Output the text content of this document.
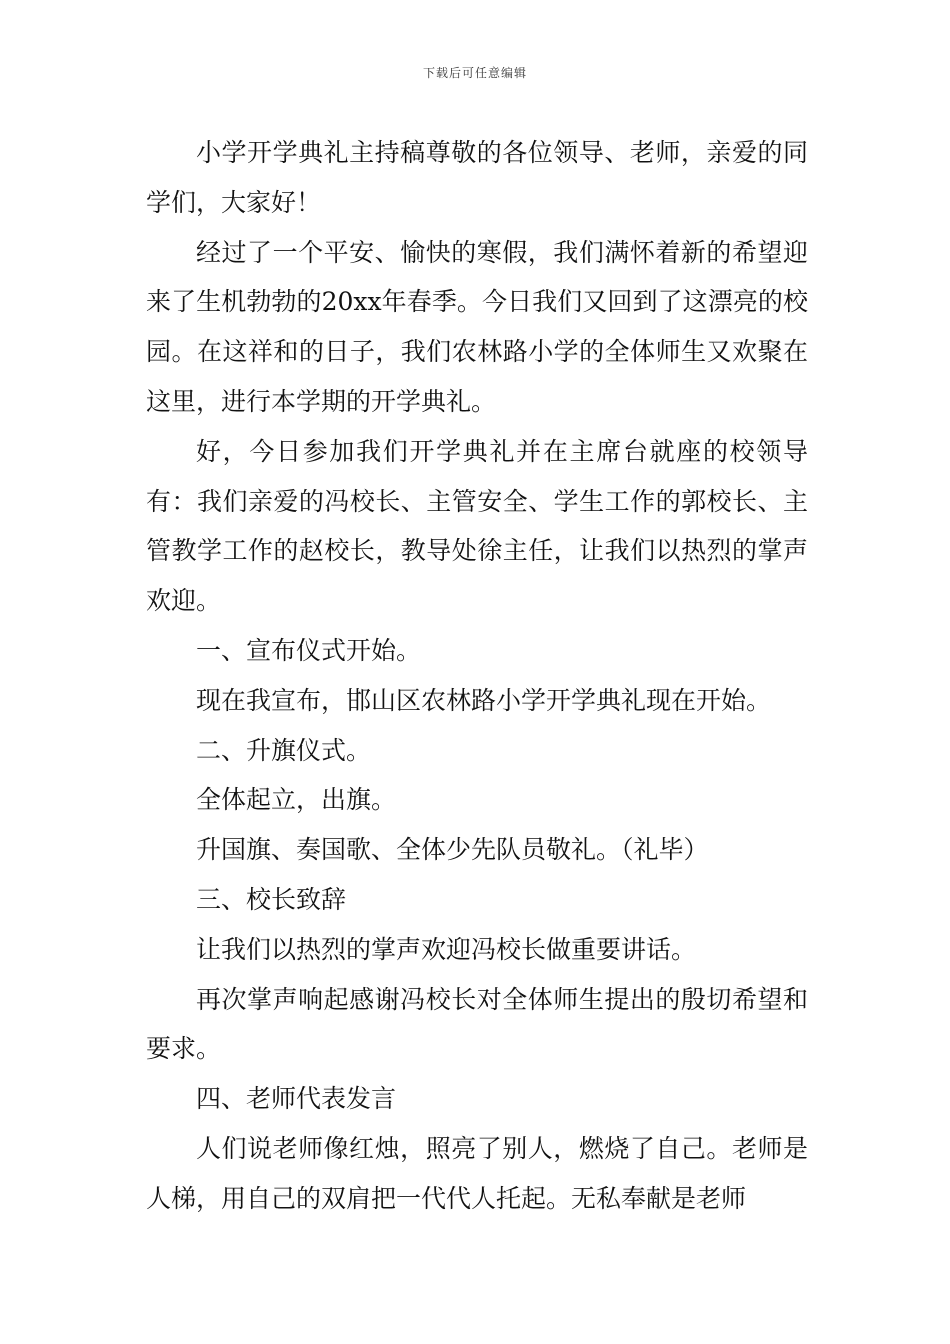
下载后可任意编辑

小学开学典礼主持稿尊敬的各位领导、老师，亲爱的同学们，大家好！

经过了一个平安、愉快的寒假，我们满怀着新的希望迎来了生机勃勃的20xx年春季。今日我们又回到了这漂亮的校园。在这祥和的日子，我们农林路小学的全体师生又欢聚在这里，进行本学期的开学典礼。

好，今日参加我们开学典礼并在主席台就座的校领导有：我们亲爱的冯校长、主管安全、学生工作的郭校长、主管教学工作的赵校长，教导处徐主任，让我们以热烈的掌声欢迎。

一、宣布仪式开始。

现在我宣布，邯山区农林路小学开学典礼现在开始。

二、升旗仪式。

全体起立，出旗。

升国旗、奏国歌、全体少先队员敬礼。（礼毕）

三、校长致辞

让我们以热烈的掌声欢迎冯校长做重要讲话。

再次掌声响起感谢冯校长对全体师生提出的殷切希望和要求。

四、老师代表发言

人们说老师像红烛，照亮了别人，燃烧了自己。老师是人梯，用自己的双肩把一代代人托起。无私奉献是老师
